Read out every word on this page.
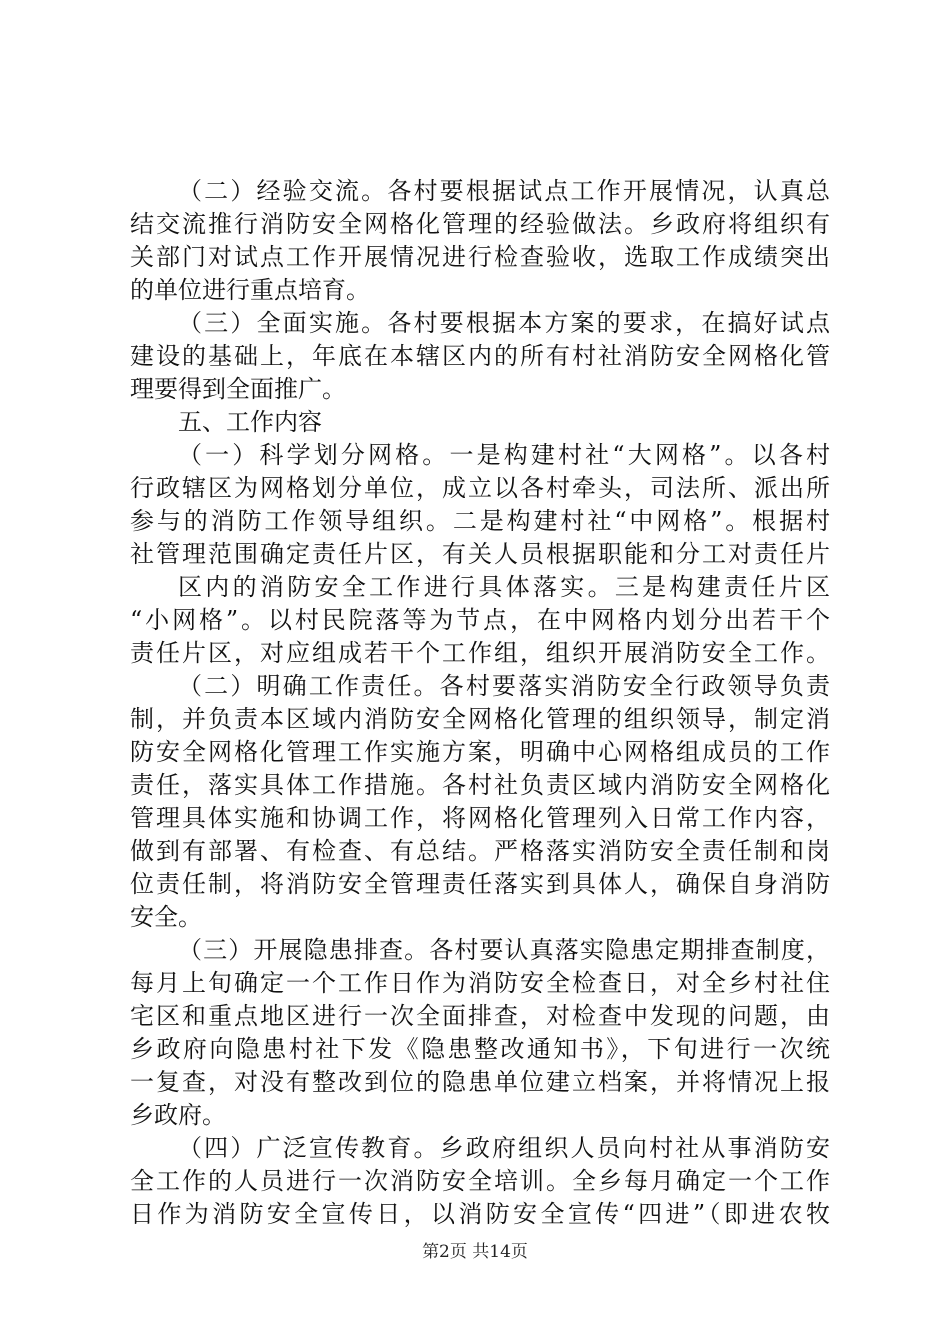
（二）经验交流。各村要根据试点工作开展情况，认真总
结交流推行消防安全网格化管理的经验做法。乡政府将组织有
关部门对试点工作开展情况进行检查验收，选取工作成绩突出
的单位进行重点培育。
（三）全面实施。各村要根据本方案的要求，在搞好试点
建设的基础上，年底在本辖区内的所有村社消防安全网格化管
理要得到全面推广。
五、工作内容
（一）科学划分网格。一是构建村社“大网格”。以各村
行政辖区为网格划分单位，成立以各村牵头，司法所、派出所
参与的消防工作领导组织。二是构建村社“中网格”。根据村
社管理范围确定责任片区，有关人员根据职能和分工对责任片
区内的消防安全工作进行具体落实。三是构建责任片区
“小网格”。以村民院落等为节点，在中网格内划分出若干个
责任片区，对应组成若干个工作组，组织开展消防安全工作。
（二）明确工作责任。各村要落实消防安全行政领导负责
制，并负责本区域内消防安全网格化管理的组织领导，制定消
防安全网格化管理工作实施方案，明确中心网格组成员的工作
责任，落实具体工作措施。各村社负责区域内消防安全网格化
管理具体实施和协调工作，将网格化管理列入日常工作内容，
做到有部署、有检查、有总结。严格落实消防安全责任制和岗
位责任制，将消防安全管理责任落实到具体人，确保自身消防
安全。
（三）开展隐患排查。各村要认真落实隐患定期排查制度，
每月上旬确定一个工作日作为消防安全检查日，对全乡村社住
宅区和重点地区进行一次全面排查，对检查中发现的问题，由
乡政府向隐患村社下发《隐患整改通知书》，下旬进行一次统
一复查，对没有整改到位的隐患单位建立档案，并将情况上报
乡政府。
（四）广泛宣传教育。乡政府组织人员向村社从事消防安
全工作的人员进行一次消防安全培训。全乡每月确定一个工作
日作为消防安全宣传日，以消防安全宣传“四进”（即进农牧
第2页 共14页
